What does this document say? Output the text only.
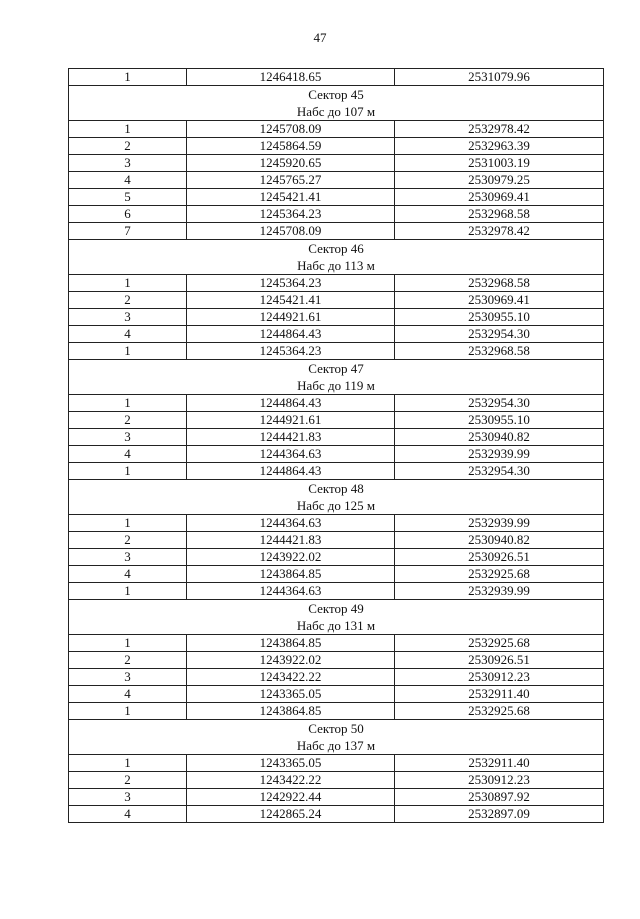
47
1	1246418.65	2531079.96

Сектор 45
Набс до 107 м		

1	1245708.09	2532978.42
2	1245864.59	2532963.39
3	1245920.65	2531003.19
4	1245765.27	2530979.25
5	1245421.41	2530969.41
6	1245364.23	2532968.58
7	1245708.09	2532978.42

Сектор 46
Набс до 113 м		

1	1245364.23	2532968.58
2	1245421.41	2530969.41
3	1244921.61	2530955.10
4	1244864.43	2532954.30
1	1245364.23	2532968.58

Сектор 47
Набс до 119 м		

1	1244864.43	2532954.30
2	1244921.61	2530955.10
3	1244421.83	2530940.82
4	1244364.63	2532939.99
1	1244864.43	2532954.30

Сектор 48
Набс до 125 м		

1	1244364.63	2532939.99
2	1244421.83	2530940.82
3	1243922.02	2530926.51
4	1243864.85	2532925.68
1	1244364.63	2532939.99

Сектор 49
Набс до 131 м		

1	1243864.85	2532925.68
2	1243922.02	2530926.51
3	1243422.22	2530912.23
4	1243365.05	2532911.40
1	1243864.85	2532925.68

Сектор 50
Набс до 137 м		

1	1243365.05	2532911.40
2	1243422.22	2530912.23
3	1242922.44	2530897.92
4	1242865.24	2532897.09
